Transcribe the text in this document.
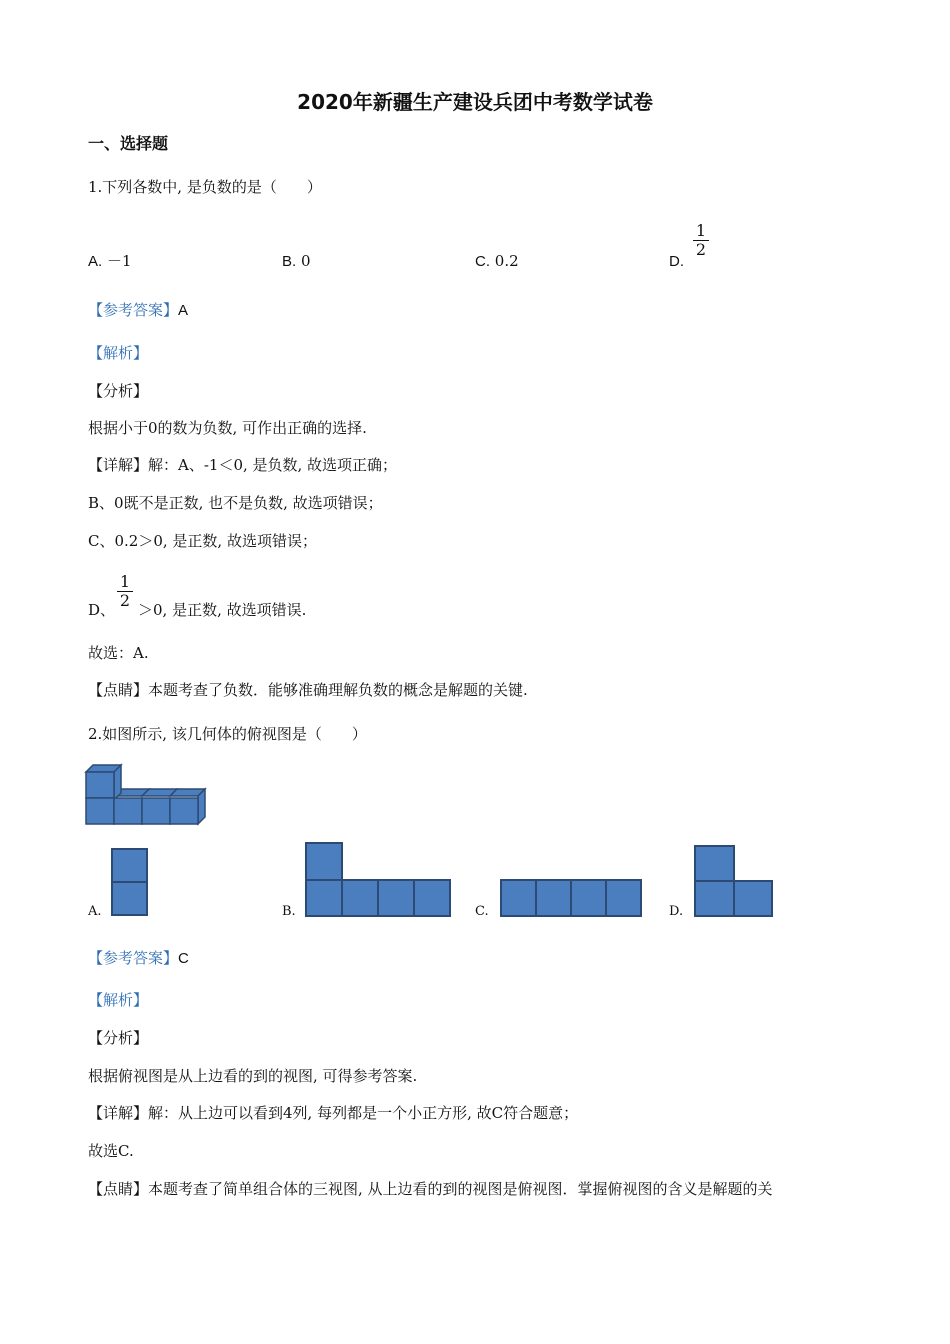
2020年新疆生产建设兵团中考数学试卷
一、选择题
1.下列各数中, 是负数的是（　　）
A. －1	B. 0	C. 0.2	D.
$\frac{1}{2}$
【参考答案】A
【解析】
【分析】
根据小于0的数为负数, 可作出正确的选择.
【详解】解：A、-1＜0, 是负数, 故选项正确；
B、0既不是正数, 也不是负数, 故选项错误；
C、0.2＞0, 是正数, 故选项错误；
D、 $\frac{1}{2} >0$, 是正数, 故选项错误.
故选：A.
【点睛】本题考查了负数．能够准确理解负数的概念是解题的关键.
2.如图所示, 该几何体的俯视图是（　　）
A.	B.	C.	D.
【参考答案】C
【解析】
【分析】
根据俯视图是从上边看的到的视图, 可得参考答案.
【详解】解：从上边可以看到4列, 每列都是一个小正方形, 故C符合题意；
故选C.
【点睛】本题考查了简单组合体的三视图, 从上边看的到的视图是俯视图．掌握俯视图的含义是解题的关
